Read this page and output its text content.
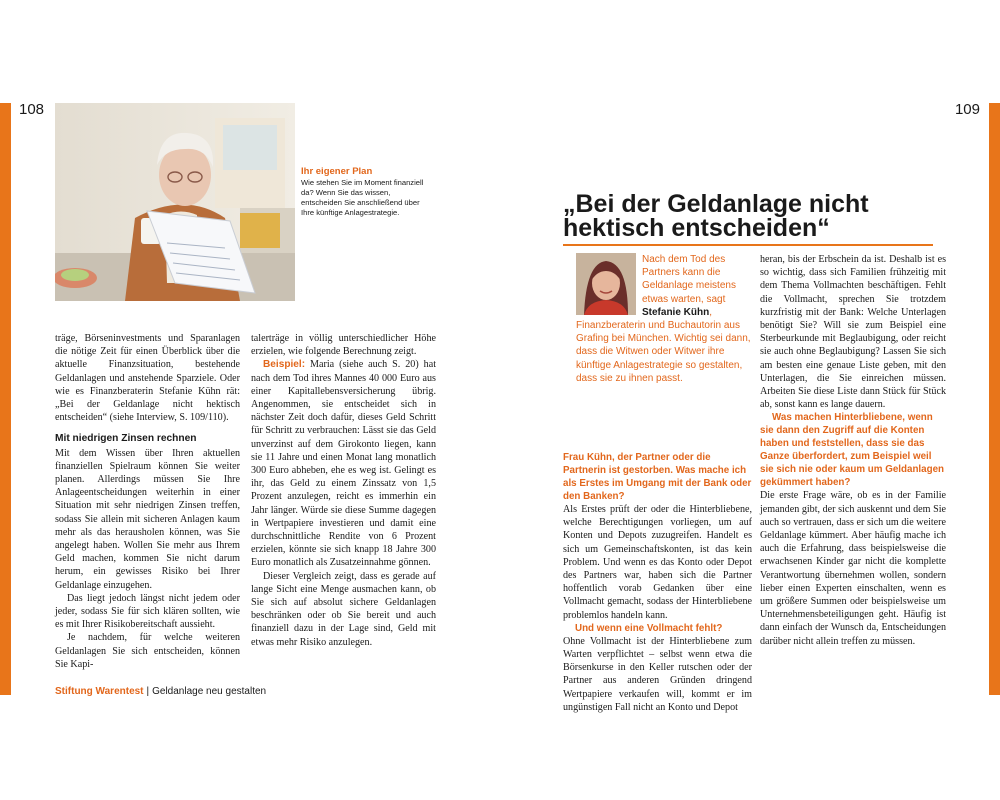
108	109
Ihr eigener Plan
Wie stehen Sie im Moment finanziell da? Wenn Sie das wissen, entscheiden Sie anschließend über Ihre künftige Anlagestrategie.

träge, Börseninvestments und Sparanlagen die nötige Zeit für einen Überblick über die aktuelle Finanzsituation, bestehende Geldanlagen und anstehende Sparziele. Oder wie es Finanzberaterin Stefanie Kühn rät: „Bei der Geldanlage nicht hektisch entscheiden“ (siehe Interview, S. 109/110).

Mit niedrigen Zinsen rechnen

Mit dem Wissen über Ihren aktuellen finanziellen Spielraum können Sie weiter planen. Allerdings müssen Sie Ihre Anlageentscheidungen weiterhin in einer Situation mit sehr niedrigen Zinsen treffen, sodass Sie allein mit sicheren Anlagen kaum mehr als das herausholen können, was Sie angelegt haben. Wollen Sie mehr aus Ihrem Geld machen, kommen Sie nicht darum herum, ein gewisses Risiko bei Ihrer Geldanlage einzugehen.

Das liegt jedoch längst nicht jedem oder jeder, sodass Sie für sich klären sollten, wie es mit Ihrer Risikobereitschaft aussieht.

Je nachdem, für welche weiteren Geldanlagen Sie sich entscheiden, können Sie Kapi-

talerträge in völlig unterschiedlicher Höhe erzielen, wie folgende Berechnung zeigt.

Beispiel: Maria (siehe auch S. 20) hat nach dem Tod ihres Mannes 40 000 Euro aus einer Kapitallebensversicherung übrig. Angenommen, sie entscheidet sich in nächster Zeit doch dafür, dieses Geld Schritt für Schritt zu verbrauchen: Lässt sie das Geld unverzinst auf dem Girokonto liegen, kann sie 11 Jahre und einen Monat lang monatlich 300 Euro abheben, ehe es weg ist. Gelingt es ihr, das Geld zu einem Zinssatz von 1,5 Prozent anzulegen, reicht es immerhin ein Jahr länger. Würde sie diese Summe dagegen in Wertpapiere investieren und damit eine durchschnittliche Rendite von 6 Prozent erzielen, könnte sie sich knapp 18 Jahre 300 Euro monatlich als Zusatzeinnahme gönnen.

Dieser Vergleich zeigt, dass es gerade auf lange Sicht eine Menge ausmachen kann, ob Sie sich auf absolut sichere Geldanlagen beschränken oder ob Sie bereit und auch finanziell dazu in der Lage sind, Geld mit etwas mehr Risiko anzulegen.

„Bei der Geldanlage nicht hektisch entscheiden“
Nach dem Tod des Partners kann die Geldanlage meistens etwas warten, sagt Stefanie Kühn, Finanzberaterin und Buchautorin aus Grafing bei München. Wichtig sei dann, dass die Witwen oder Witwer ihre künftige Anlagestrategie so gestalten, dass sie zu ihnen passt.

Frau Kühn, der Partner oder die Partnerin ist gestorben. Was mache ich als Erstes im Umgang mit der Bank oder den Banken?

Als Erstes prüft der oder die Hinterbliebene, welche Berechtigungen vorliegen, um auf Konten und Depots zuzugreifen. Handelt es sich um Gemeinschaftskonten, ist das kein Problem. Und wenn es das Konto oder Depot des Partners war, haben sich die Partner hoffentlich vorab Gedanken über eine Vollmacht gemacht, sodass der Hinterbliebene problemlos handeln kann.

Und wenn eine Vollmacht fehlt?

Ohne Vollmacht ist der Hinterbliebene zum Warten verpflichtet – selbst wenn etwa die Börsenkurse in den Keller rutschen oder der Partner aus anderen Gründen dringend Wertpapiere verkaufen will, kommt er im ungünstigen Fall nicht an Konto und Depot

heran, bis der Erbschein da ist. Deshalb ist es so wichtig, dass sich Familien frühzeitig mit dem Thema Vollmachten beschäftigen. Fehlt die Vollmacht, sprechen Sie trotzdem kurzfristig mit der Bank: Welche Unterlagen benötigt Sie? Will sie zum Beispiel eine Sterbeurkunde mit Beglaubigung, oder reicht sie auch ohne Beglaubigung? Lassen Sie sich am besten eine genaue Liste geben, mit den Unterlagen, die Sie einreichen müssen. Arbeiten Sie diese Liste dann Stück für Stück ab, sonst kann es lange dauern.

Was machen Hinterbliebene, wenn sie dann den Zugriff auf die Konten haben und feststellen, dass sie das Ganze überfordert, zum Beispiel weil sie sich nie oder kaum um Geldanlagen gekümmert haben?

Die erste Frage wäre, ob es in der Familie jemanden gibt, der sich auskennt und dem Sie auch so vertrauen, dass er sich um die weitere Geldanlage kümmert. Aber häufig mache ich auch die Erfahrung, dass beispielsweise die erwachsenen Kinder gar nicht die komplette Verantwortung übernehmen wollen, sondern lieber einen Experten einschalten, wenn es um größere Summen oder beispielsweise um Unternehmensbeteiligungen geht. Häufig ist dann einfach der Wunsch da, Entscheidungen darüber nicht allein treffen zu müssen.

Stiftung Warentest | Geldanlage neu gestalten
